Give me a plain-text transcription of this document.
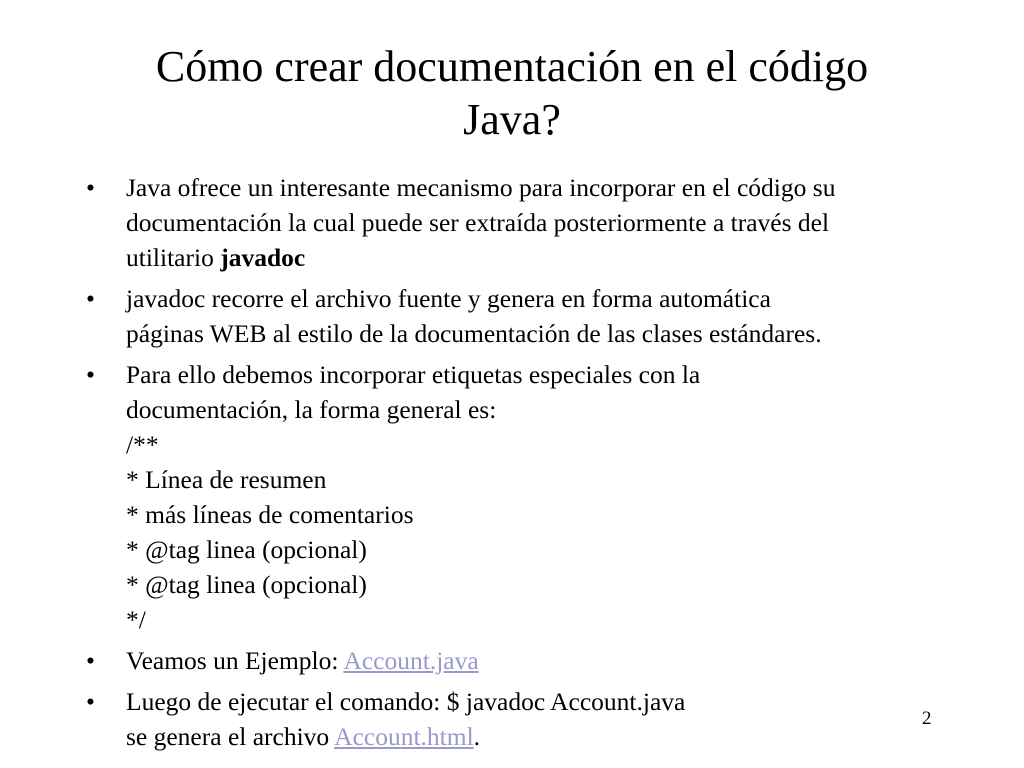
Cómo crear documentación en el código
Java?
• Java ofrece un interesante mecanismo para incorporar en el código su
documentación la cual puede ser extraída posteriormente a través del
utilitario javadoc
• javadoc recorre el archivo fuente y genera en forma automática
páginas WEB al estilo de la documentación de las clases estándares.
• Para ello debemos incorporar etiquetas especiales con la
documentación, la forma general es:
/**
* Línea de resumen
* más líneas de comentarios
* @tag linea (opcional)
* @tag linea (opcional)
*/
• Veamos un Ejemplo: Account.java
• Luego de ejecutar el comando: $ javadoc Account.java
se genera el archivo Account.html.
2
